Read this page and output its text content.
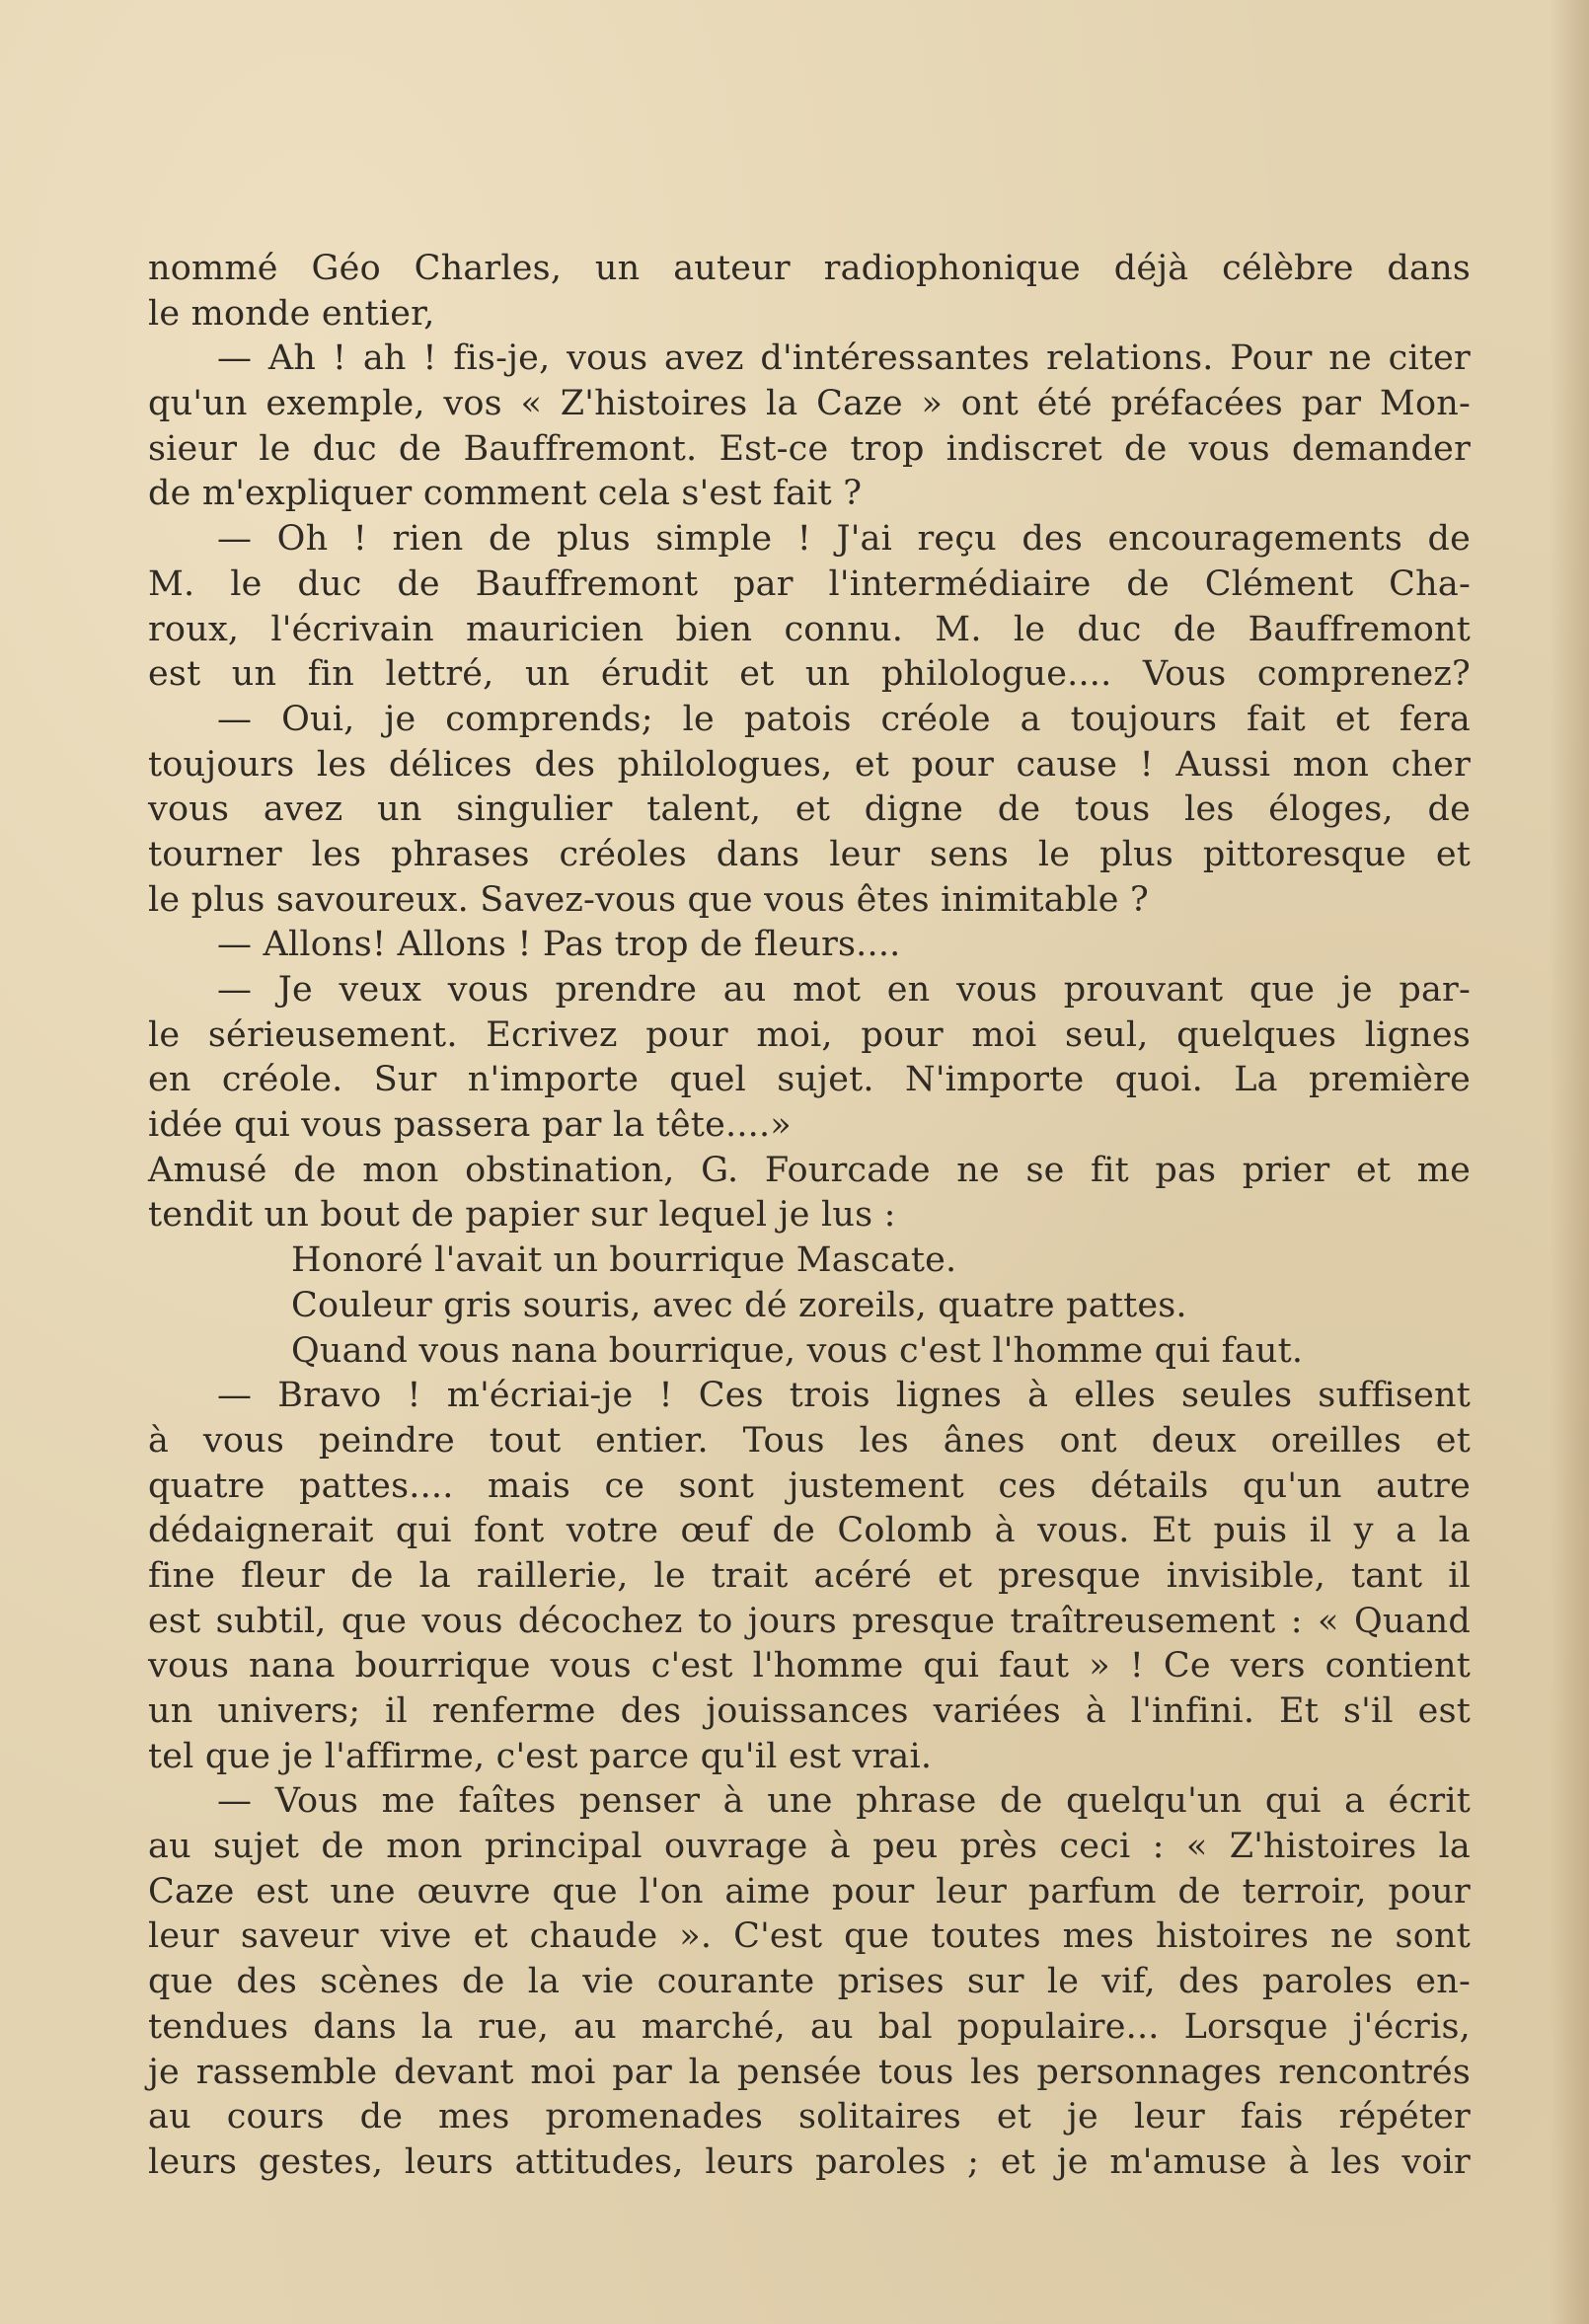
nommé Géo Charles, un auteur radiophonique déjà célèbre dans
le monde entier,
— Ah ! ah ! fis-je, vous avez d'intéressantes relations. Pour ne citer
qu'un exemple, vos « Z'histoires la Caze » ont été préfacées par Mon-
sieur le duc de Bauffremont. Est-ce trop indiscret de vous demander
de m'expliquer comment cela s'est fait ?
— Oh ! rien de plus simple ! J'ai reçu des encouragements de
M. le duc de Bauffremont par l'intermédiaire de Clément Cha-
roux, l'écrivain mauricien bien connu. M. le duc de Bauffremont
est un fin lettré, un érudit et un philologue.... Vous comprenez?
— Oui, je comprends; le patois créole a toujours fait et fera
toujours les délices des philologues, et pour cause ! Aussi mon cher
vous avez un singulier talent, et digne de tous les éloges, de
tourner les phrases créoles dans leur sens le plus pittoresque et
le plus savoureux. Savez-vous que vous êtes inimitable ?
— Allons! Allons ! Pas trop de fleurs....
— Je veux vous prendre au mot en vous prouvant que je par-
le sérieusement. Ecrivez pour moi, pour moi seul, quelques lignes
en créole. Sur n'importe quel sujet. N'importe quoi. La première
idée qui vous passera par la tête....»
Amusé de mon obstination, G. Fourcade ne se fit pas prier et me
tendit un bout de papier sur lequel je lus :
Honoré l'avait un bourrique Mascate.
Couleur gris souris, avec dé zoreils, quatre pattes.
Quand vous nana bourrique, vous c'est l'homme qui faut.
— Bravo ! m'écriai-je ! Ces trois lignes à elles seules suffisent
à vous peindre tout entier. Tous les ânes ont deux oreilles et
quatre pattes.... mais ce sont justement ces détails qu'un autre
dédaignerait qui font votre œuf de Colomb à vous. Et puis il y a la
fine fleur de la raillerie, le trait acéré et presque invisible, tant il
est subtil, que vous décochez to jours presque traîtreusement : « Quand
vous nana bourrique vous c'est l'homme qui faut » ! Ce vers contient
un univers; il renferme des jouissances variées à l'infini. Et s'il est
tel que je l'affirme, c'est parce qu'il est vrai.
— Vous me faîtes penser à une phrase de quelqu'un qui a écrit
au sujet de mon principal ouvrage à peu près ceci : « Z'histoires la
Caze est une œuvre que l'on aime pour leur parfum de terroir, pour
leur saveur vive et chaude ». C'est que toutes mes histoires ne sont
que des scènes de la vie courante prises sur le vif, des paroles en-
tendues dans la rue, au marché, au bal populaire... Lorsque j'écris,
je rassemble devant moi par la pensée tous les personnages rencontrés
au cours de mes promenades solitaires et je leur fais répéter
leurs gestes, leurs attitudes, leurs paroles ; et je m'amuse à les voir
